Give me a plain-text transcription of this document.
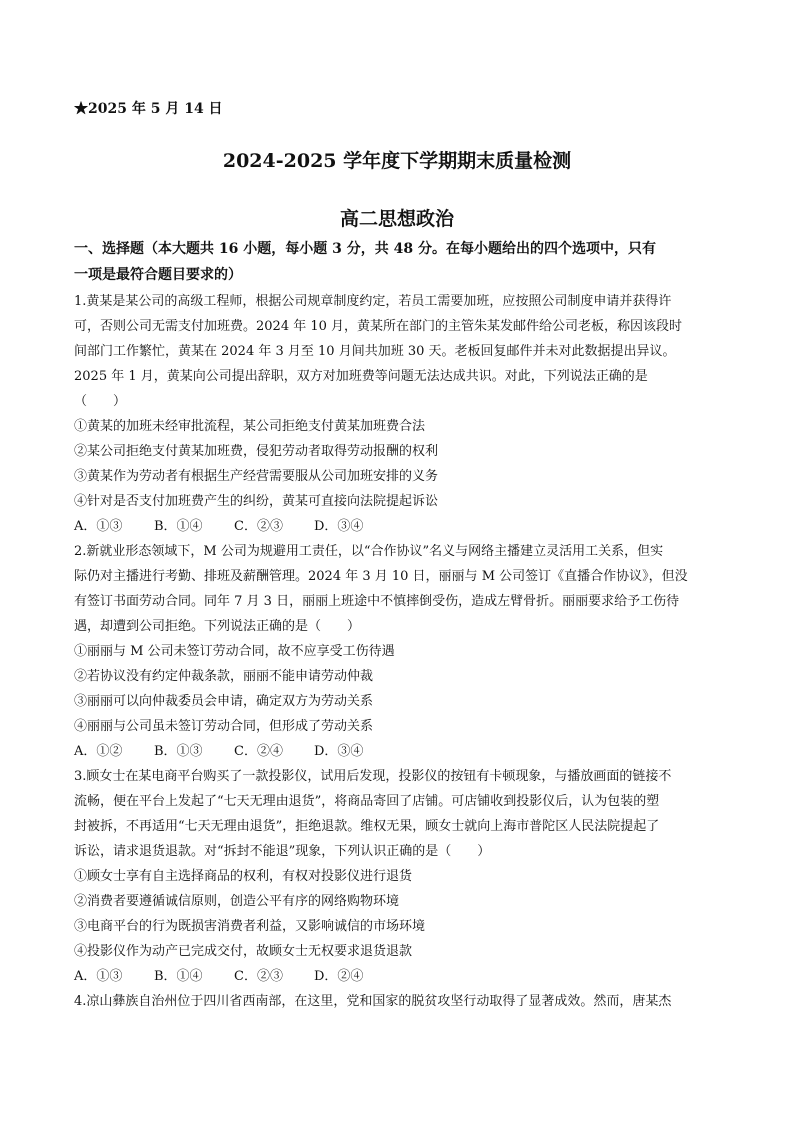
★2025 年 5 月 14 日
2024-2025 学年度下学期期末质量检测
高二思想政治
一、选择题（本大题共 16 小题，每小题 3 分，共 48 分。在每小题给出的四个选项中，只有
一项是最符合题目要求的）
1.黄某是某公司的高级工程师，根据公司规章制度约定，若员工需要加班，应按照公司制度申请并获得许
可，否则公司无需支付加班费。2024 年 10 月，黄某所在部门的主管朱某发邮件给公司老板，称因该段时
间部门工作繁忙，黄某在 2024 年 3 月至 10 月间共加班 30 天。老板回复邮件并未对此数据提出异议。
2025 年 1 月，黄某向公司提出辞职，双方对加班费等问题无法达成共识。对此，下列说法正确的是
（　　）
①黄某的加班未经审批流程，某公司拒绝支付黄某加班费合法
②某公司拒绝支付黄某加班费，侵犯劳动者取得劳动报酬的权利
③黄某作为劳动者有根据生产经营需要服从公司加班安排的义务
④针对是否支付加班费产生的纠纷，黄某可直接向法院提起诉讼
A．①③ B．①④ C．②③ D．③④
2.新就业形态领域下，M 公司为规避用工责任，以“合作协议”名义与网络主播建立灵活用工关系，但实
际仍对主播进行考勤、排班及薪酬管理。2024 年 3 月 10 日，丽丽与 M 公司签订《直播合作协议》，但没
有签订书面劳动合同。同年 7 月 3 日，丽丽上班途中不慎摔倒受伤，造成左臂骨折。丽丽要求给予工伤待
遇，却遭到公司拒绝。下列说法正确的是（　　）
①丽丽与 M 公司未签订劳动合同，故不应享受工伤待遇
②若协议没有约定仲裁条款，丽丽不能申请劳动仲裁
③丽丽可以向仲裁委员会申请，确定双方为劳动关系
④丽丽与公司虽未签订劳动合同，但形成了劳动关系
A．①② B．①③ C．②④ D．③④
3.顾女士在某电商平台购买了一款投影仪，试用后发现，投影仪的按钮有卡顿现象，与播放画面的链接不
流畅，便在平台上发起了“七天无理由退货”，将商品寄回了店铺。可店铺收到投影仪后，认为包装的塑
封被拆，不再适用“七天无理由退货”，拒绝退款。维权无果，顾女士就向上海市普陀区人民法院提起了
诉讼，请求退货退款。对“拆封不能退”现象，下列认识正确的是（　　）
①顾女士享有自主选择商品的权利，有权对投影仪进行退货
②消费者要遵循诚信原则，创造公平有序的网络购物环境
③电商平台的行为既损害消费者利益，又影响诚信的市场环境
④投影仪作为动产已完成交付，故顾女士无权要求退货退款
A．①③ B．①④ C．②③ D．②④
4.凉山彝族自治州位于四川省西南部，在这里，党和国家的脱贫攻坚行动取得了显著成效。然而，唐某杰
